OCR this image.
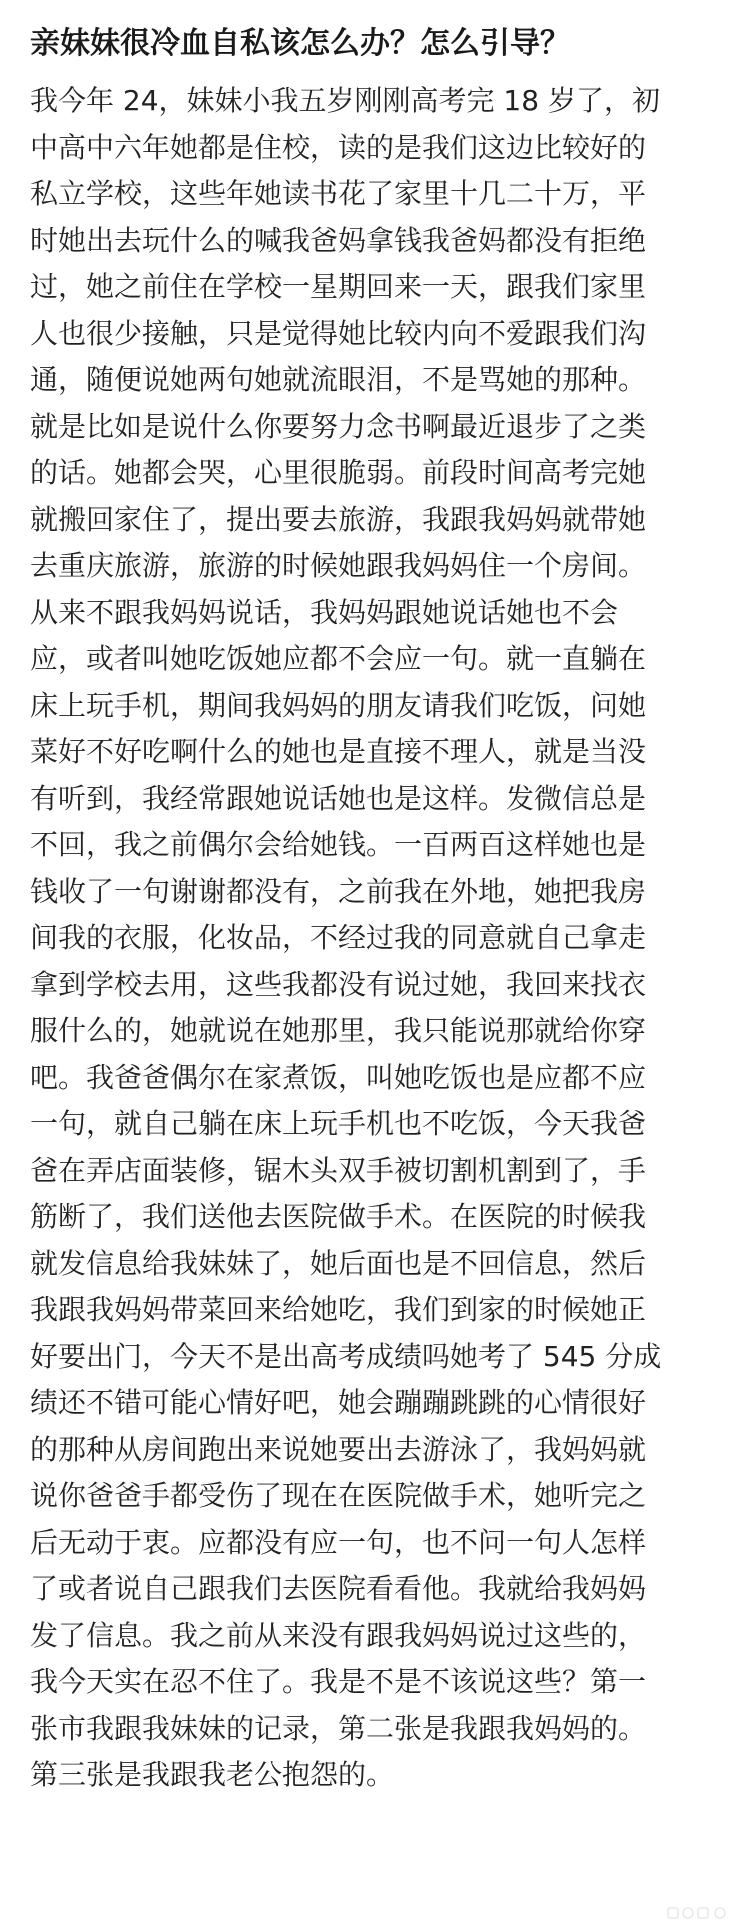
亲妹妹很冷血自私该怎么办？怎么引导？
我今年 24，妹妹小我五岁刚刚高考完 18 岁了，初
中高中六年她都是住校，读的是我们这边比较好的
私立学校，这些年她读书花了家里十几二十万，平
时她出去玩什么的喊我爸妈拿钱我爸妈都没有拒绝
过，她之前住在学校一星期回来一天，跟我们家里
人也很少接触，只是觉得她比较内向不爱跟我们沟
通，随便说她两句她就流眼泪，不是骂她的那种。
就是比如是说什么你要努力念书啊最近退步了之类
的话。她都会哭，心里很脆弱。前段时间高考完她
就搬回家住了，提出要去旅游，我跟我妈妈就带她
去重庆旅游，旅游的时候她跟我妈妈住一个房间。
从来不跟我妈妈说话，我妈妈跟她说话她也不会
应，或者叫她吃饭她应都不会应一句。就一直躺在
床上玩手机，期间我妈妈的朋友请我们吃饭，问她
菜好不好吃啊什么的她也是直接不理人，就是当没
有听到，我经常跟她说话她也是这样。发微信总是
不回，我之前偶尔会给她钱。一百两百这样她也是
钱收了一句谢谢都没有，之前我在外地，她把我房
间我的衣服，化妆品，不经过我的同意就自己拿走
拿到学校去用，这些我都没有说过她，我回来找衣
服什么的，她就说在她那里，我只能说那就给你穿
吧。我爸爸偶尔在家煮饭，叫她吃饭也是应都不应
一句，就自己躺在床上玩手机也不吃饭，今天我爸
爸在弄店面装修，锯木头双手被切割机割到了，手
筋断了，我们送他去医院做手术。在医院的时候我
就发信息给我妹妹了，她后面也是不回信息，然后
我跟我妈妈带菜回来给她吃，我们到家的时候她正
好要出门，今天不是出高考成绩吗她考了 545 分成
绩还不错可能心情好吧，她会蹦蹦跳跳的心情很好
的那种从房间跑出来说她要出去游泳了，我妈妈就
说你爸爸手都受伤了现在在医院做手术，她听完之
后无动于衷。应都没有应一句，也不问一句人怎样
了或者说自己跟我们去医院看看他。我就给我妈妈
发了信息。我之前从来没有跟我妈妈说过这些的，
我今天实在忍不住了。我是不是不该说这些？第一
张市我跟我妹妹的记录，第二张是我跟我妈妈的。
第三张是我跟我老公抱怨的。
